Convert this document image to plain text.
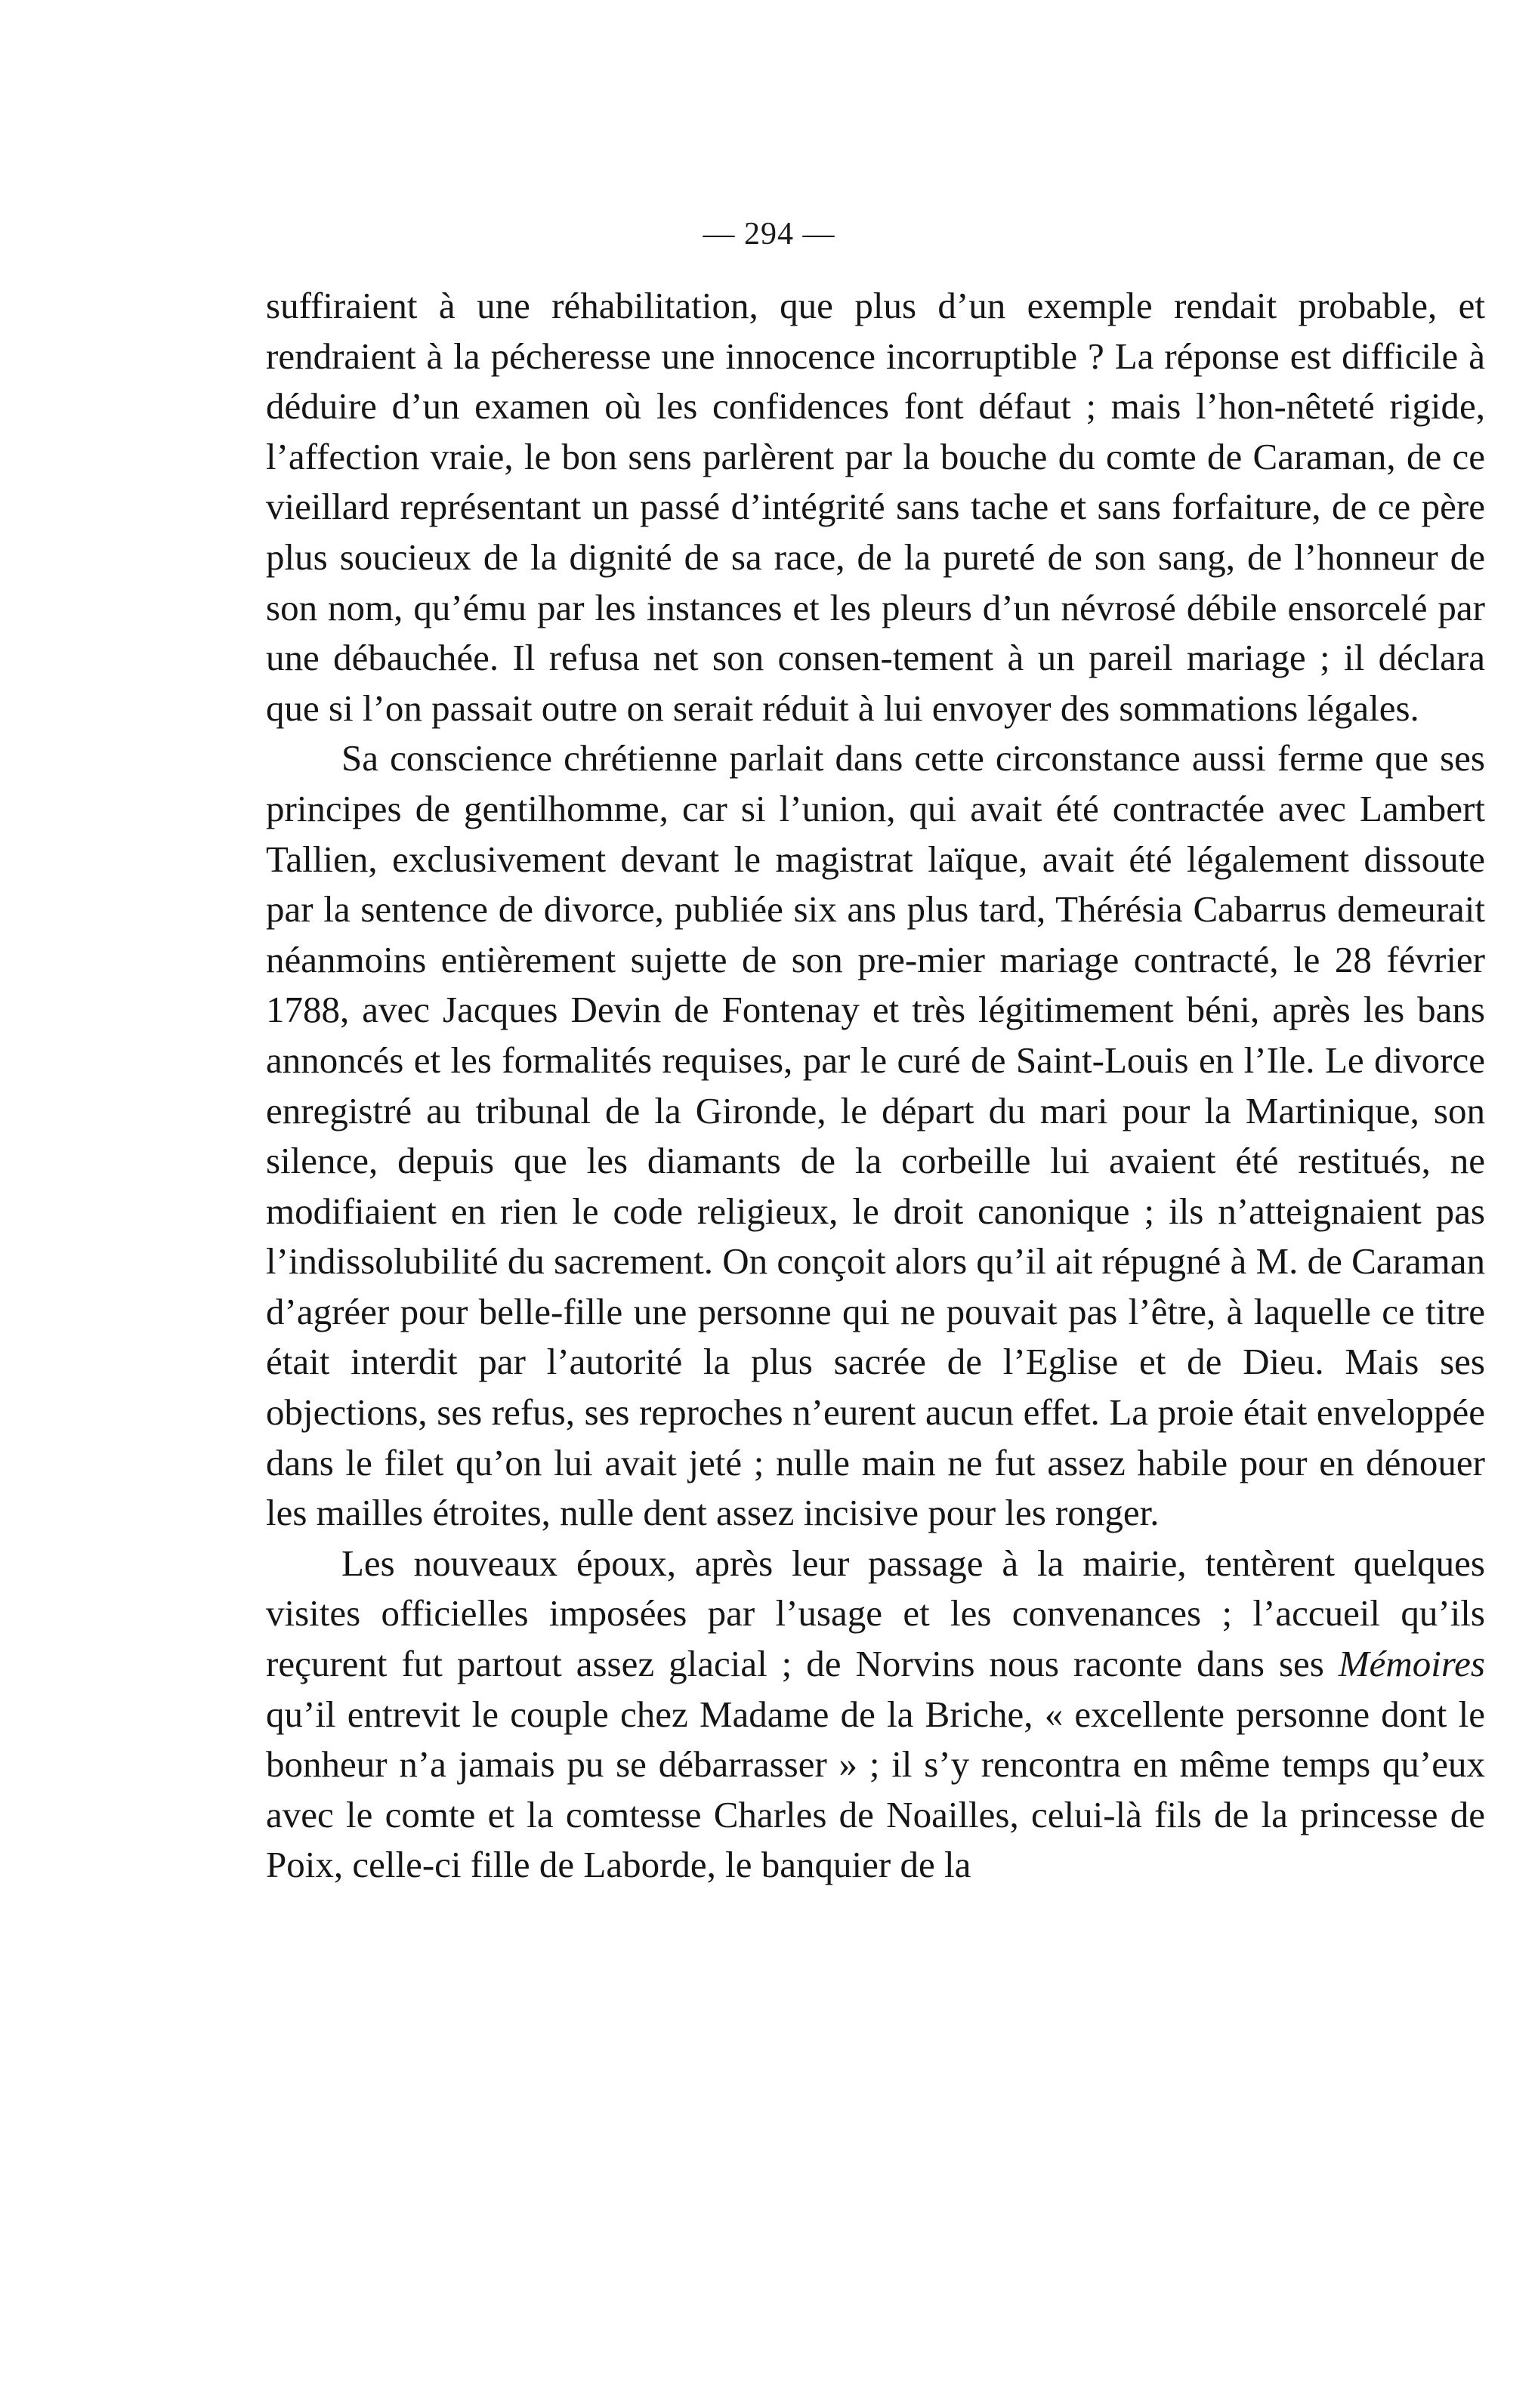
— 294 —

suffiraient à une réhabilitation, que plus d’un exemple rendait probable, et rendraient à la pécheresse une innocence incorruptible ? La réponse est difficile à déduire d’un examen où les confidences font défaut ; mais l’hon-nêteté rigide, l’affection vraie, le bon sens parlèrent par la bouche du comte de Caraman, de ce vieillard représentant un passé d’intégrité sans tache et sans forfaiture, de ce père plus soucieux de la dignité de sa race, de la pureté de son sang, de l’honneur de son nom, qu’ému par les instances et les pleurs d’un névrosé débile ensorcelé par une débauchée. Il refusa net son consen-tement à un pareil mariage ; il déclara que si l’on passait outre on serait réduit à lui envoyer des sommations légales.

Sa conscience chrétienne parlait dans cette circonstance aussi ferme que ses principes de gentilhomme, car si l’union, qui avait été contractée avec Lambert Tallien, exclusivement devant le magistrat laïque, avait été légalement dissoute par la sentence de divorce, publiée six ans plus tard, Thérésia Cabarrus demeurait néanmoins entièrement sujette de son pre-mier mariage contracté, le 28 février 1788, avec Jacques Devin de Fontenay et très légitimement béni, après les bans annoncés et les formalités requises, par le curé de Saint-Louis en l’Ile. Le divorce enregistré au tribunal de la Gironde, le départ du mari pour la Martinique, son silence, depuis que les diamants de la corbeille lui avaient été restitués, ne modifiaient en rien le code religieux, le droit canonique ; ils n’atteignaient pas l’indissolubilité du sacrement. On conçoit alors qu’il ait répugné à M. de Caraman d’agréer pour belle-fille une personne qui ne pouvait pas l’être, à laquelle ce titre était interdit par l’autorité la plus sacrée de l’Eglise et de Dieu. Mais ses objections, ses refus, ses reproches n’eurent aucun effet. La proie était enveloppée dans le filet qu’on lui avait jeté ; nulle main ne fut assez habile pour en dénouer les mailles étroites, nulle dent assez incisive pour les ronger.

Les nouveaux époux, après leur passage à la mairie, tentèrent quelques visites officielles imposées par l’usage et les convenances ; l’accueil qu’ils reçurent fut partout assez glacial ; de Norvins nous raconte dans ses Mémoires qu’il entrevit le couple chez Madame de la Briche, « excellente personne dont le bonheur n’a jamais pu se débarrasser » ; il s’y rencontra en même temps qu’eux avec le comte et la comtesse Charles de Noailles, celui-là fils de la princesse de Poix, celle-ci fille de Laborde, le banquier de la
